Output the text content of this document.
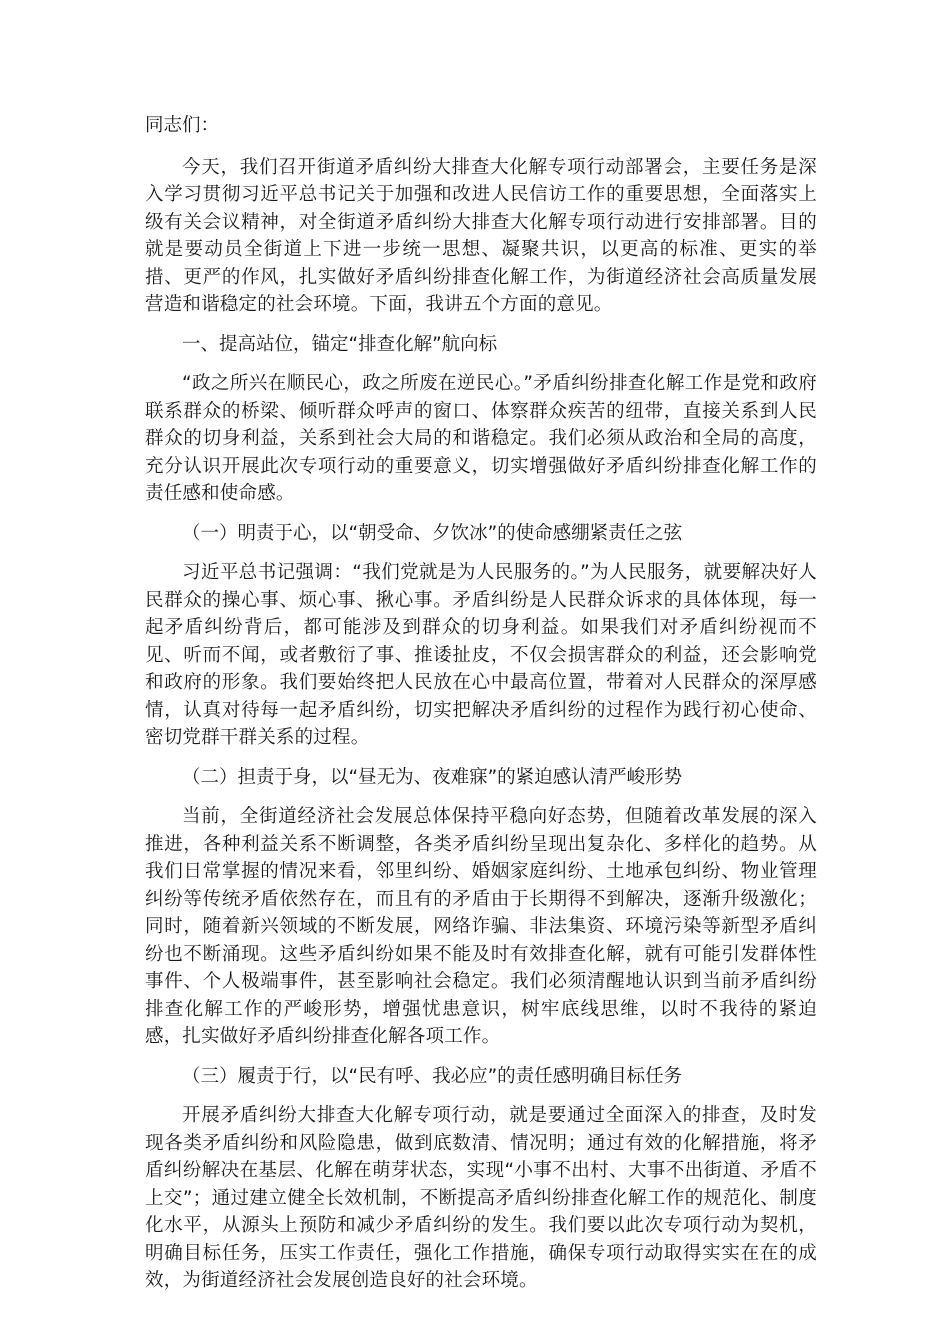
同志们：

今天，我们召开街道矛盾纠纷大排查大化解专项行动部署会，主要任务是深入学习贯彻习近平总书记关于加强和改进人民信访工作的重要思想，全面落实上级有关会议精神，对全街道矛盾纠纷大排查大化解专项行动进行安排部署。目的就是要动员全街道上下进一步统一思想、凝聚共识，以更高的标准、更实的举措、更严的作风，扎实做好矛盾纠纷排查化解工作，为街道经济社会高质量发展营造和谐稳定的社会环境。下面，我讲五个方面的意见。

一、提高站位，锚定“排查化解”航向标

“政之所兴在顺民心，政之所废在逆民心。”矛盾纠纷排查化解工作是党和政府联系群众的桥梁、倾听群众呼声的窗口、体察群众疾苦的纽带，直接关系到人民群众的切身利益，关系到社会大局的和谐稳定。我们必须从政治和全局的高度，充分认识开展此次专项行动的重要意义，切实增强做好矛盾纠纷排查化解工作的责任感和使命感。

（一）明责于心，以“朝受命、夕饮冰”的使命感绷紧责任之弦

习近平总书记强调：“我们党就是为人民服务的。”为人民服务，就要解决好人民群众的操心事、烦心事、揪心事。矛盾纠纷是人民群众诉求的具体体现，每一起矛盾纠纷背后，都可能涉及到群众的切身利益。如果我们对矛盾纠纷视而不见、听而不闻，或者敷衍了事、推诿扯皮，不仅会损害群众的利益，还会影响党和政府的形象。我们要始终把人民放在心中最高位置，带着对人民群众的深厚感情，认真对待每一起矛盾纠纷，切实把解决矛盾纠纷的过程作为践行初心使命、密切党群干群关系的过程。

（二）担责于身，以“昼无为、夜难寐”的紧迫感认清严峻形势

当前，全街道经济社会发展总体保持平稳向好态势，但随着改革发展的深入推进，各种利益关系不断调整，各类矛盾纠纷呈现出复杂化、多样化的趋势。从我们日常掌握的情况来看，邻里纠纷、婚姻家庭纠纷、土地承包纠纷、物业管理纠纷等传统矛盾依然存在，而且有的矛盾由于长期得不到解决，逐渐升级激化；同时，随着新兴领域的不断发展，网络诈骗、非法集资、环境污染等新型矛盾纠纷也不断涌现。这些矛盾纠纷如果不能及时有效排查化解，就有可能引发群体性事件、个人极端事件，甚至影响社会稳定。我们必须清醒地认识到当前矛盾纠纷排查化解工作的严峻形势，增强忧患意识，树牢底线思维，以时不我待的紧迫感，扎实做好矛盾纠纷排查化解各项工作。

（三）履责于行，以“民有呼、我必应”的责任感明确目标任务

开展矛盾纠纷大排查大化解专项行动，就是要通过全面深入的排查，及时发现各类矛盾纠纷和风险隐患，做到底数清、情况明；通过有效的化解措施，将矛盾纠纷解决在基层、化解在萌芽状态，实现“小事不出村、大事不出街道、矛盾不上交”；通过建立健全长效机制，不断提高矛盾纠纷排查化解工作的规范化、制度化水平，从源头上预防和减少矛盾纠纷的发生。我们要以此次专项行动为契机，明确目标任务，压实工作责任，强化工作措施，确保专项行动取得实实在在的成效，为街道经济社会发展创造良好的社会环境。
